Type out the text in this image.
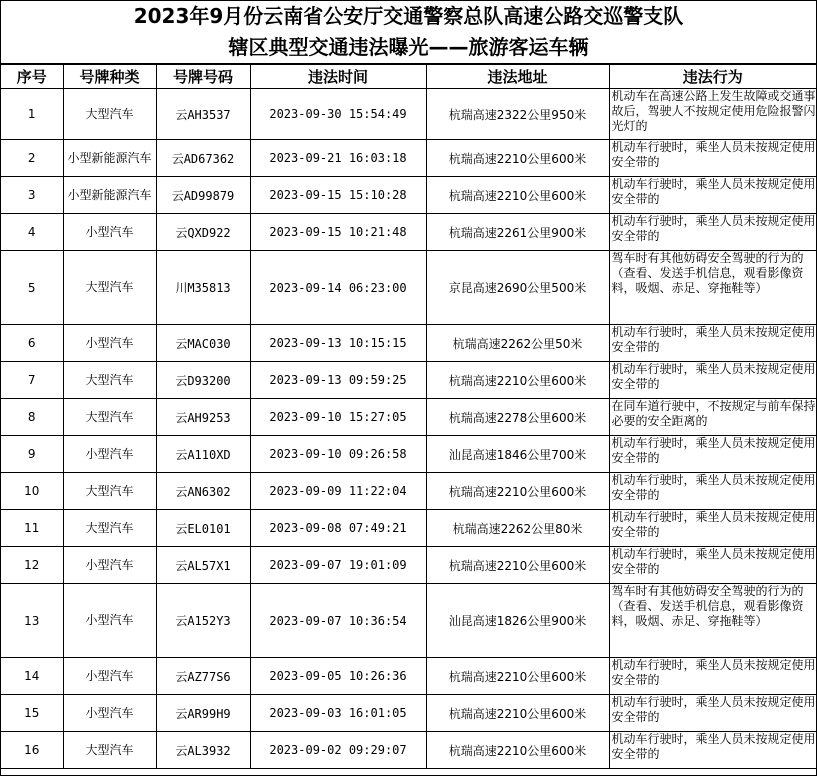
2023年9月份云南省公安厅交通警察总队高速公路交巡警支队
辖区典型交通违法曝光——旅游客运车辆
序号	号牌种类	号牌号码	违法时间	违法地址	违法行为
1	大型汽车	云AH3537	2023-09-30 15:54:49	杭瑞高速2322公里950米	机动车在高速公路上发生故障或交通事故后，驾驶人不按规定使用危险报警闪光灯的
2	小型新能源汽车	云AD67362	2023-09-21 16:03:18	杭瑞高速2210公里600米	机动车行驶时，乘坐人员未按规定使用安全带的
3	小型新能源汽车	云AD99879	2023-09-15 15:10:28	杭瑞高速2210公里600米	机动车行驶时，乘坐人员未按规定使用安全带的
4	小型汽车	云QXD922	2023-09-15 10:21:48	杭瑞高速2261公里900米	机动车行驶时，乘坐人员未按规定使用安全带的
5	大型汽车	川M35813	2023-09-14 06:23:00	京昆高速2690公里500米	驾车时有其他妨碍安全驾驶的行为的（查看、发送手机信息，观看影像资料，吸烟、赤足、穿拖鞋等）
6	小型汽车	云MAC030	2023-09-13 10:15:15	杭瑞高速2262公里50米	机动车行驶时，乘坐人员未按规定使用安全带的
7	大型汽车	云D93200	2023-09-13 09:59:25	杭瑞高速2210公里600米	机动车行驶时，乘坐人员未按规定使用安全带的
8	大型汽车	云AH9253	2023-09-10 15:27:05	杭瑞高速2278公里600米	在同车道行驶中，不按规定与前车保持必要的安全距离的
9	小型汽车	云A110XD	2023-09-10 09:26:58	汕昆高速1846公里700米	机动车行驶时，乘坐人员未按规定使用安全带的
10	大型汽车	云AN6302	2023-09-09 11:22:04	杭瑞高速2210公里600米	机动车行驶时，乘坐人员未按规定使用安全带的
11	大型汽车	云EL0101	2023-09-08 07:49:21	杭瑞高速2262公里80米	机动车行驶时，乘坐人员未按规定使用安全带的
12	小型汽车	云AL57X1	2023-09-07 19:01:09	杭瑞高速2210公里600米	机动车行驶时，乘坐人员未按规定使用安全带的
13	小型汽车	云A152Y3	2023-09-07 10:36:54	汕昆高速1826公里900米	驾车时有其他妨碍安全驾驶的行为的（查看、发送手机信息，观看影像资料，吸烟、赤足、穿拖鞋等）
14	小型汽车	云AZ77S6	2023-09-05 10:26:36	杭瑞高速2210公里600米	机动车行驶时，乘坐人员未按规定使用安全带的
15	小型汽车	云AR99H9	2023-09-03 16:01:05	杭瑞高速2210公里600米	机动车行驶时，乘坐人员未按规定使用安全带的
16	大型汽车	云AL3932	2023-09-02 09:29:07	杭瑞高速2210公里600米	机动车行驶时，乘坐人员未按规定使用安全带的
